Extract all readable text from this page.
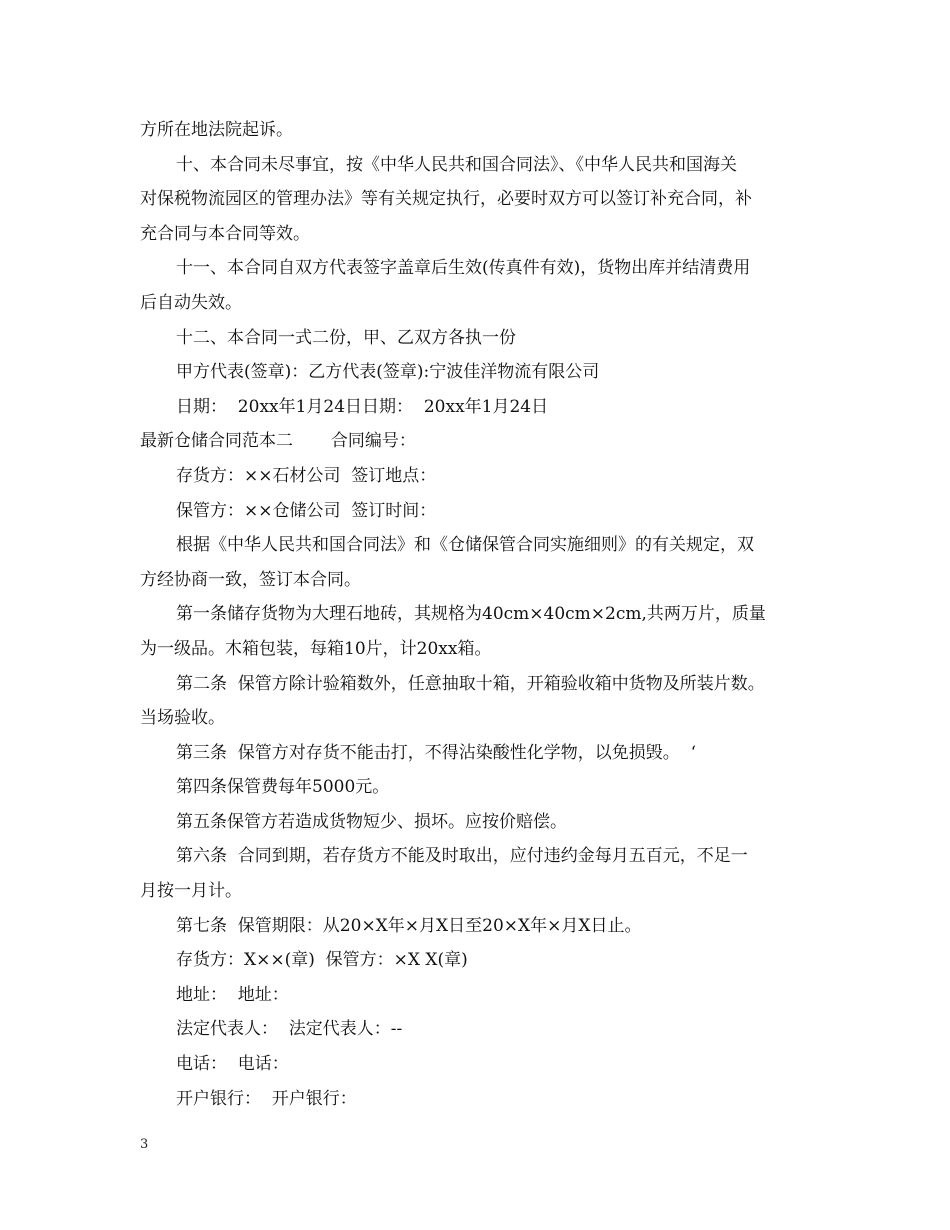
方所在地法院起诉。
十、本合同未尽事宜，按《中华人民共和国合同法》、《中华人民共和国海关
对保税物流园区的管理办法》等有关规定执行，必要时双方可以签订补充合同，补
充合同与本合同等效。
十一、本合同自双方代表签字盖章后生效(传真件有效)，货物出库并结清费用
后自动失效。
十二、本合同一式二份，甲、乙双方各执一份
甲方代表(签章)：乙方代表(签章):宁波佳洋物流有限公司
日期：  20xx年1月24日日期：  20xx年1月24日
最新仓储合同范本二       合同编号：
存货方：××石材公司  签订地点：
保管方：××仓储公司  签订时间：
根据《中华人民共和国合同法》和《仓储保管合同实施细则》的有关规定，双
方经协商一致，签订本合同。
第一条储存货物为大理石地砖，其规格为40cm×40cm×2cm,共两万片，质量
为一级品。木箱包装，每箱10片，计20xx箱。
第二条  保管方除计验箱数外，任意抽取十箱，开箱验收箱中货物及所装片数。
当场验收。
第三条  保管方对存货不能击打，不得沾染酸性化学物，以免损毁。  ‘
第四条保管费每年5000元。
第五条保管方若造成货物短少、损坏。应按价赔偿。
第六条  合同到期，若存货方不能及时取出，应付违约金每月五百元，不足一
月按一月计。
第七条  保管期限：从20×X年×月X日至20×X年×月X日止。
存货方：X××(章)  保管方：×X X(章)
地址：  地址：
法定代表人：  法定代表人：--
电话：  电话：
开户银行：  开户银行：
3
